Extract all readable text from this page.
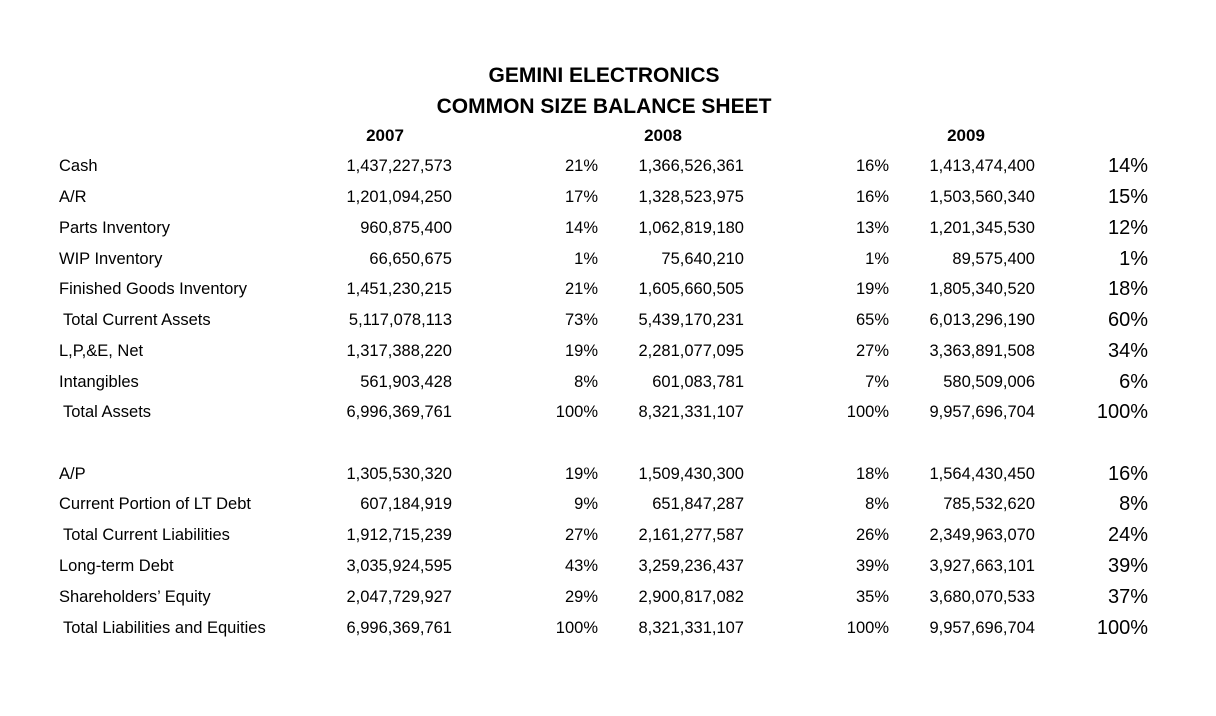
GEMINI ELECTRONICS
COMMON SIZE BALANCE SHEET
2007	2008	2009
Cash	1,437,227,573	21% 1,366,526,361	16% 1,413,474,400	14%
A/R	1,201,094,250	17% 1,328,523,975	16% 1,503,560,340	15%
Parts Inventory	960,875,400	14% 1,062,819,180	13% 1,201,345,530	12%
WIP Inventory	66,650,675	1%	75,640,210	1%	89,575,400	1%
Finished Goods Inventory	1,451,230,215	21% 1,605,660,505	19% 1,805,340,520	18%
Total Current Assets	5,117,078,113	73% 5,439,170,231	65% 6,013,296,190	60%
L,P,&E, Net	1,317,388,220	19% 2,281,077,095	27% 3,363,891,508	34%
Intangibles	561,903,428	8%	601,083,781	7%	580,509,006	6%
Total Assets	6,996,369,761	100% 8,321,331,107	100% 9,957,696,704	100%
A/P	1,305,530,320	19% 1,509,430,300	18% 1,564,430,450	16%
Current Portion of LT Debt	607,184,919	9%	651,847,287	8%	785,532,620	8%
Total Current Liabilities	1,912,715,239	27% 2,161,277,587	26% 2,349,963,070	24%
Long-term Debt	3,035,924,595	43% 3,259,236,437	39% 3,927,663,101	39%
Shareholders’ Equity	2,047,729,927	29% 2,900,817,082	35% 3,680,070,533	37%
Total Liabilities and Equities	6,996,369,761	100% 8,321,331,107	100% 9,957,696,704	100%
